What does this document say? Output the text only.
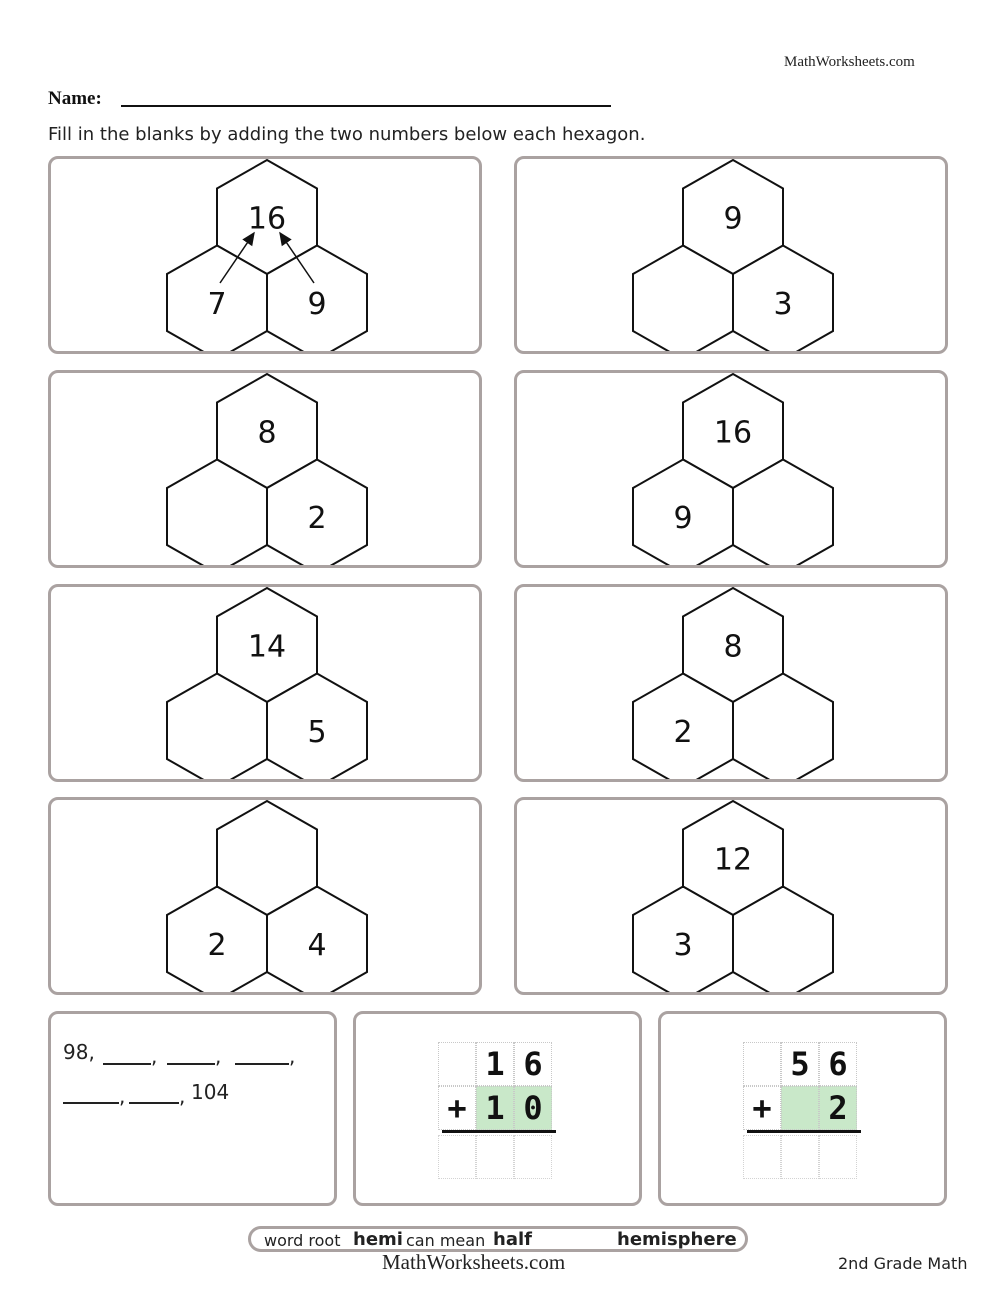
MathWorksheets.com
Name:
Fill in the blanks by adding the two numbers below each hexagon.
16
7	9
9
3
8
2
16
9
14
5
8
2
2	4
12
3
98,	,	,	,
,	, 104
1 6
+ 1 0
5 6
+ 2
word root hemi can mean half	hemisphere
MathWorksheets.com	2nd Grade Math
